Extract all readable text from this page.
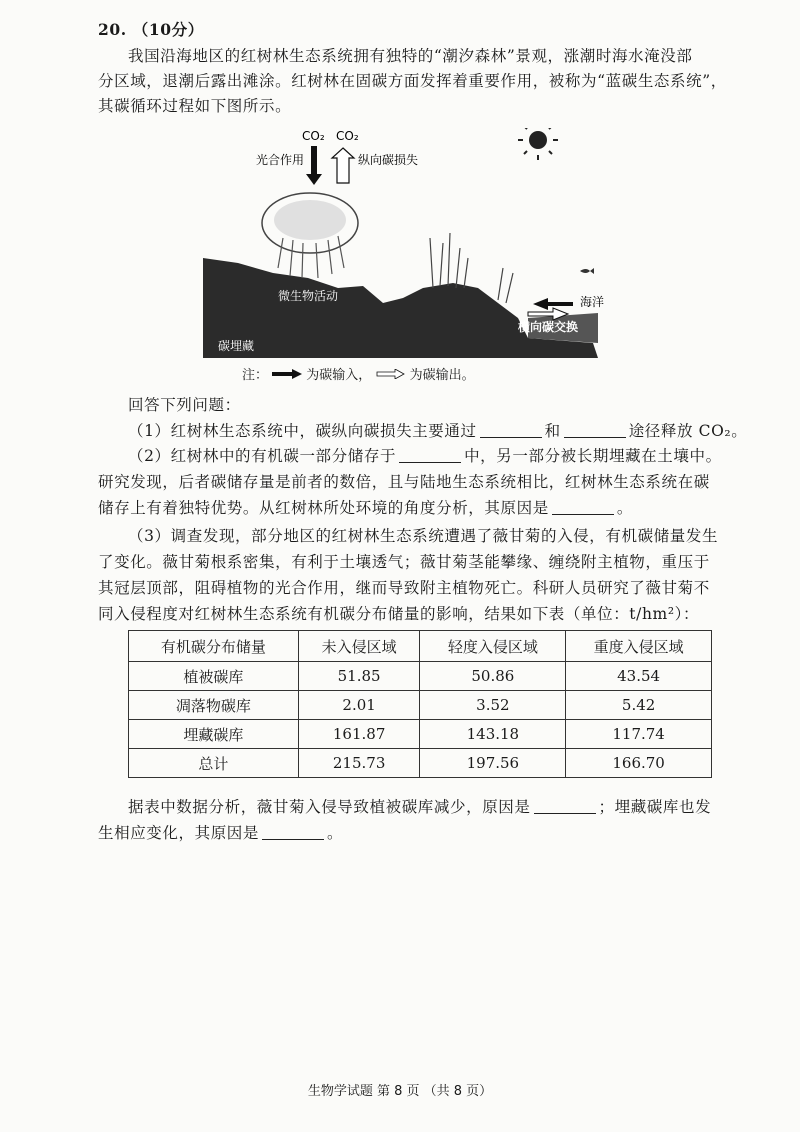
20. （10分）
我国沿海地区的红树林生态系统拥有独特的“潮汐森林”景观，涨潮时海水淹没部
分区域，退潮后露出滩涂。红树林在固碳方面发挥着重要作用，被称为“蓝碳生态系统”，
其碳循环过程如下图所示。
CO₂ CO₂
光合作用	纵向碳损失
微生物活动
碳埋藏
海洋
横向碳交换
注：	为碳输入，	为碳输出。
回答下列问题：
（1）红树林生态系统中，碳纵向碳损失主要通过	和	途径释放 CO₂。
（2）红树林中的有机碳一部分储存于	中，另一部分被长期埋藏在土壤中。
研究发现，后者碳储存量是前者的数倍，且与陆地生态系统相比，红树林生态系统在碳
储存上有着独特优势。从红树林所处环境的角度分析，其原因是	。
（3）调查发现，部分地区的红树林生态系统遭遇了薇甘菊的入侵，有机碳储量发生
了变化。薇甘菊根系密集，有利于土壤透气；薇甘菊茎能攀缘、缠绕附主植物，重压于
其冠层顶部，阻碍植物的光合作用，继而导致附主植物死亡。科研人员研究了薇甘菊不
同入侵程度对红树林生态系统有机碳分布储量的影响，结果如下表（单位：t/hm²）：
有机碳分布储量	未入侵区域	轻度入侵区域	重度入侵区域
植被碳库	51.85	50.86	43.54
凋落物碳库	2.01	3.52	5.42
埋藏碳库	161.87	143.18	117.74
总计	215.73	197.56	166.70
据表中数据分析，薇甘菊入侵导致植被碳库减少，原因是	；埋藏碳库也发
生相应变化，其原因是	。
生物学试题 第 8 页 （共 8 页）
